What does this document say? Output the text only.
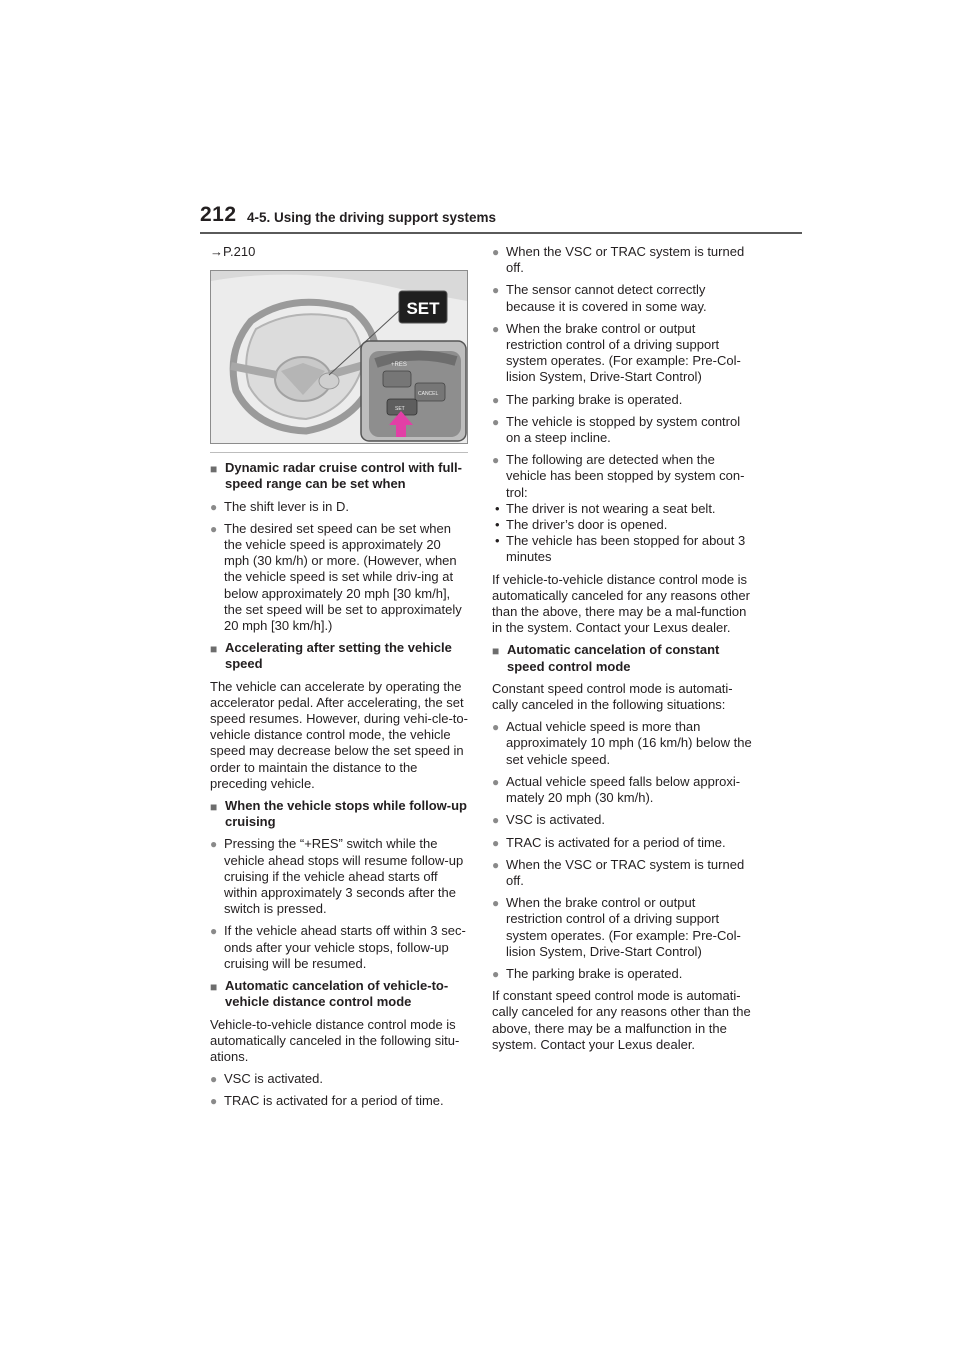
212 4-5. Using the driving support systems
→P.210
+RES
CANCEL
SET
SET
■ Dynamic radar cruise control with full-speed range can be set when
● The shift lever is in D.
● The desired set speed can be set when the vehicle speed is approximately 20 mph (30 km/h) or more. (However, when the vehicle speed is set while driv-ing at below approximately 20 mph [30 km/h], the set speed will be set to approximately 20 mph [30 km/h].)
■ Accelerating after setting the vehicle speed
The vehicle can accelerate by operating the accelerator pedal. After accelerating, the set speed resumes. However, during vehi-cle-to-vehicle distance control mode, the vehicle speed may decrease below the set speed in order to maintain the distance to the preceding vehicle.
■ When the vehicle stops while follow-up cruising
● Pressing the “+RES” switch while the vehicle ahead stops will resume follow-up cruising if the vehicle ahead starts off within approximately 3 seconds after the switch is pressed.
● If the vehicle ahead starts off within 3 sec-onds after your vehicle stops, follow-up cruising will be resumed.
■ Automatic cancelation of vehicle-to-vehicle distance control mode
Vehicle-to-vehicle distance control mode is automatically canceled in the following situ-ations.
● VSC is activated.
● TRAC is activated for a period of time.
● When the VSC or TRAC system is turned off.
● The sensor cannot detect correctly because it is covered in some way.
● When the brake control or output restriction control of a driving support system operates. (For example: Pre-Col-lision System, Drive-Start Control)
● The parking brake is operated.
● The vehicle is stopped by system control on a steep incline.
● The following are detected when the vehicle has been stopped by system con-trol:
• The driver is not wearing a seat belt.
• The driver’s door is opened.
• The vehicle has been stopped for about 3 minutes
If vehicle-to-vehicle distance control mode is automatically canceled for any reasons other than the above, there may be a mal-function in the system. Contact your Lexus dealer.
■ Automatic cancelation of constant speed control mode
Constant speed control mode is automati-cally canceled in the following situations:
● Actual vehicle speed is more than approximately 10 mph (16 km/h) below the set vehicle speed.
● Actual vehicle speed falls below approxi-mately 20 mph (30 km/h).
● VSC is activated.
● TRAC is activated for a period of time.
● When the VSC or TRAC system is turned off.
● When the brake control or output restriction control of a driving support system operates. (For example: Pre-Col-lision System, Drive-Start Control)
● The parking brake is operated.
If constant speed control mode is automati-cally canceled for any reasons other than the above, there may be a malfunction in the system. Contact your Lexus dealer.
